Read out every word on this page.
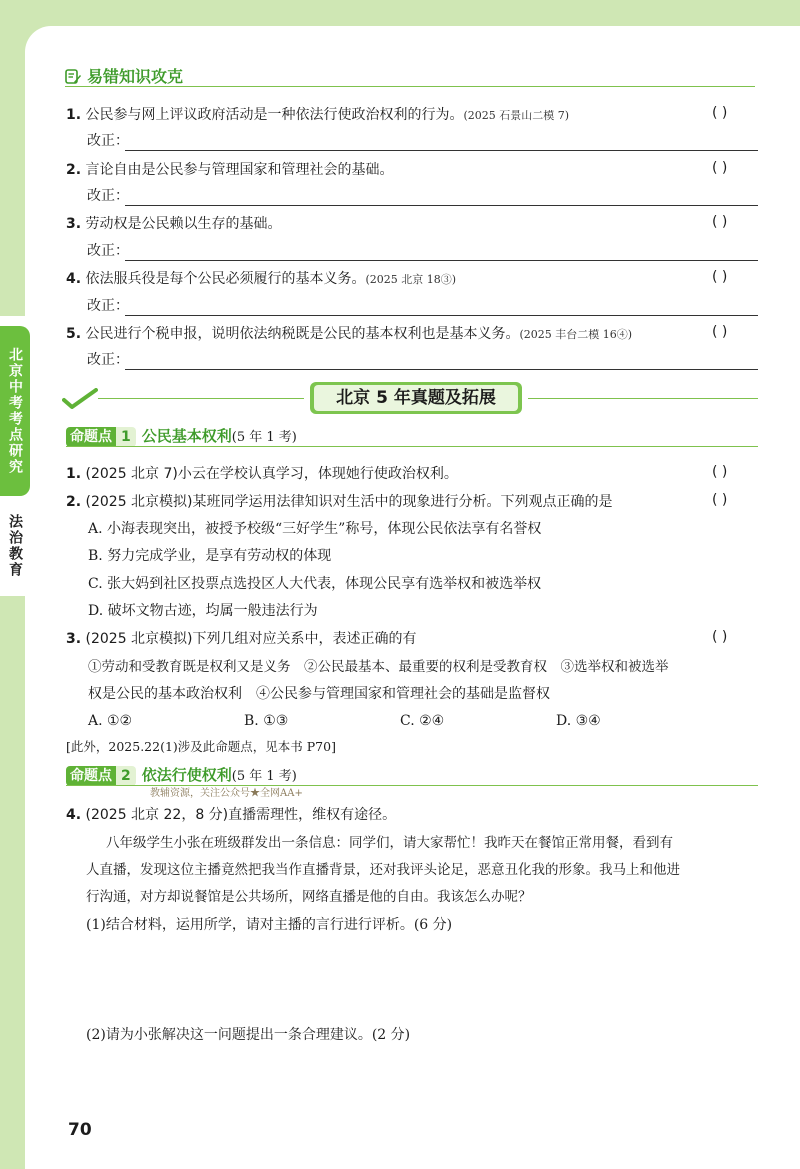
北京中考考点研究
法治教育
易错知识攻克
1. 公民参与网上评议政府活动是一种依法行使政治权利的行为。(2025 石景山二模 7)	( )
改正：
2. 言论自由是公民参与管理国家和管理社会的基础。	( )
改正：
3. 劳动权是公民赖以生存的基础。	( )
改正：
4. 依法服兵役是每个公民必须履行的基本义务。(2025 北京 18③)	( )
改正：
5. 公民进行个税申报，说明依法纳税既是公民的基本权利也是基本义务。(2025 丰台二模 16④)	( )
改正：
北京 5 年真题及拓展
命题点 1 公民基本权利(5 年 1 考)
1. (2025 北京 7)小云在学校认真学习，体现她行使政治权利。	( )
2. (2025 北京模拟)某班同学运用法律知识对生活中的现象进行分析。下列观点正确的是	( )
A. 小海表现突出，被授予校级“三好学生”称号，体现公民依法享有名誉权
B. 努力完成学业，是享有劳动权的体现
C. 张大妈到社区投票点选投区人大代表，体现公民享有选举权和被选举权
D. 破坏文物古迹，均属一般违法行为
3. (2025 北京模拟)下列几组对应关系中，表述正确的有	( )
①劳动和受教育既是权利又是义务　②公民最基本、最重要的权利是受教育权　③选举权和被选举
权是公民的基本政治权利　④公民参与管理国家和管理社会的基础是监督权
A. ①②	B. ①③	C. ②④	D. ③④
[此外，2025.22(1)涉及此命题点，见本书 P70]
命题点 2 依法行使权利(5 年 1 考)
教辅资源，关注公众号★全网AA+
4. (2025 北京 22，8 分)直播需理性，维权有途径。
八年级学生小张在班级群发出一条信息：同学们，请大家帮忙！我昨天在餐馆正常用餐，看到有
人直播，发现这位主播竟然把我当作直播背景，还对我评头论足，恶意丑化我的形象。我马上和他进
行沟通，对方却说餐馆是公共场所，网络直播是他的自由。我该怎么办呢？
(1)结合材料，运用所学，请对主播的言行进行评析。(6 分)
(2)请为小张解决这一问题提出一条合理建议。(2 分)
70
